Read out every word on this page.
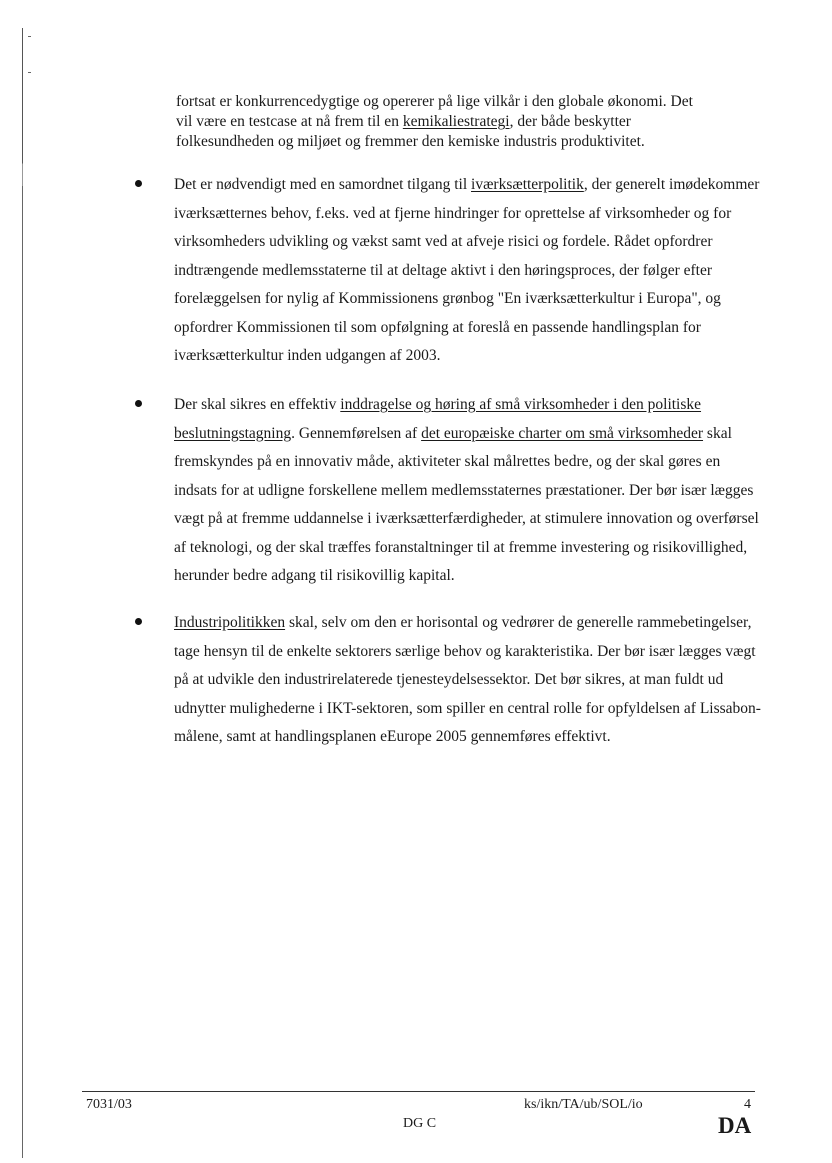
fortsat er konkurrencedygtige og opererer på lige vilkår i den globale økonomi. Det
vil være en testcase at nå frem til en kemikaliestrategi, der både beskytter
folkesundheden og miljøet og fremmer den kemiske industris produktivitet.
Det er nødvendigt med en samordnet tilgang til iværksætterpolitik, der generelt imødekommer iværksætternes behov, f.eks. ved at fjerne hindringer for oprettelse af virksomheder og for virksomheders udvikling og vækst samt ved at afveje risici og fordele. Rådet opfordrer indtrængende medlemsstaterne til at deltage aktivt i den høringsproces, der følger efter forelæggelsen for nylig af Kommissionens grønbog "En iværksætterkultur i Europa", og opfordrer Kommissionen til som opfølgning at foreslå en passende handlingsplan for iværksætterkultur inden udgangen af 2003.
Der skal sikres en effektiv inddragelse og høring af små virksomheder i den politiske beslutningstagning. Gennemførelsen af det europæiske charter om små virksomheder skal fremskyndes på en innovativ måde, aktiviteter skal målrettes bedre, og der skal gøres en indsats for at udligne forskellene mellem medlemsstaternes præstationer. Der bør især lægges vægt på at fremme uddannelse i iværksætterfærdigheder, at stimulere innovation og overførsel af teknologi, og der skal træffes foranstaltninger til at fremme investering og risikovillighed, herunder bedre adgang til risikovillig kapital.
Industripolitikken skal, selv om den er horisontal og vedrører de generelle rammebetingelser, tage hensyn til de enkelte sektorers særlige behov og karakteristika. Der bør især lægges vægt på at udvikle den industrirelaterede tjenesteydelsessektor. Det bør sikres, at man fuldt ud udnytter mulighederne i IKT-sektoren, som spiller en central rolle for opfyldelsen af Lissabon-målene, samt at handlingsplanen eEurope 2005 gennemføres effektivt.
7031/03
DG C
ks/ikn/TA/ub/SOL/io	4
DA
